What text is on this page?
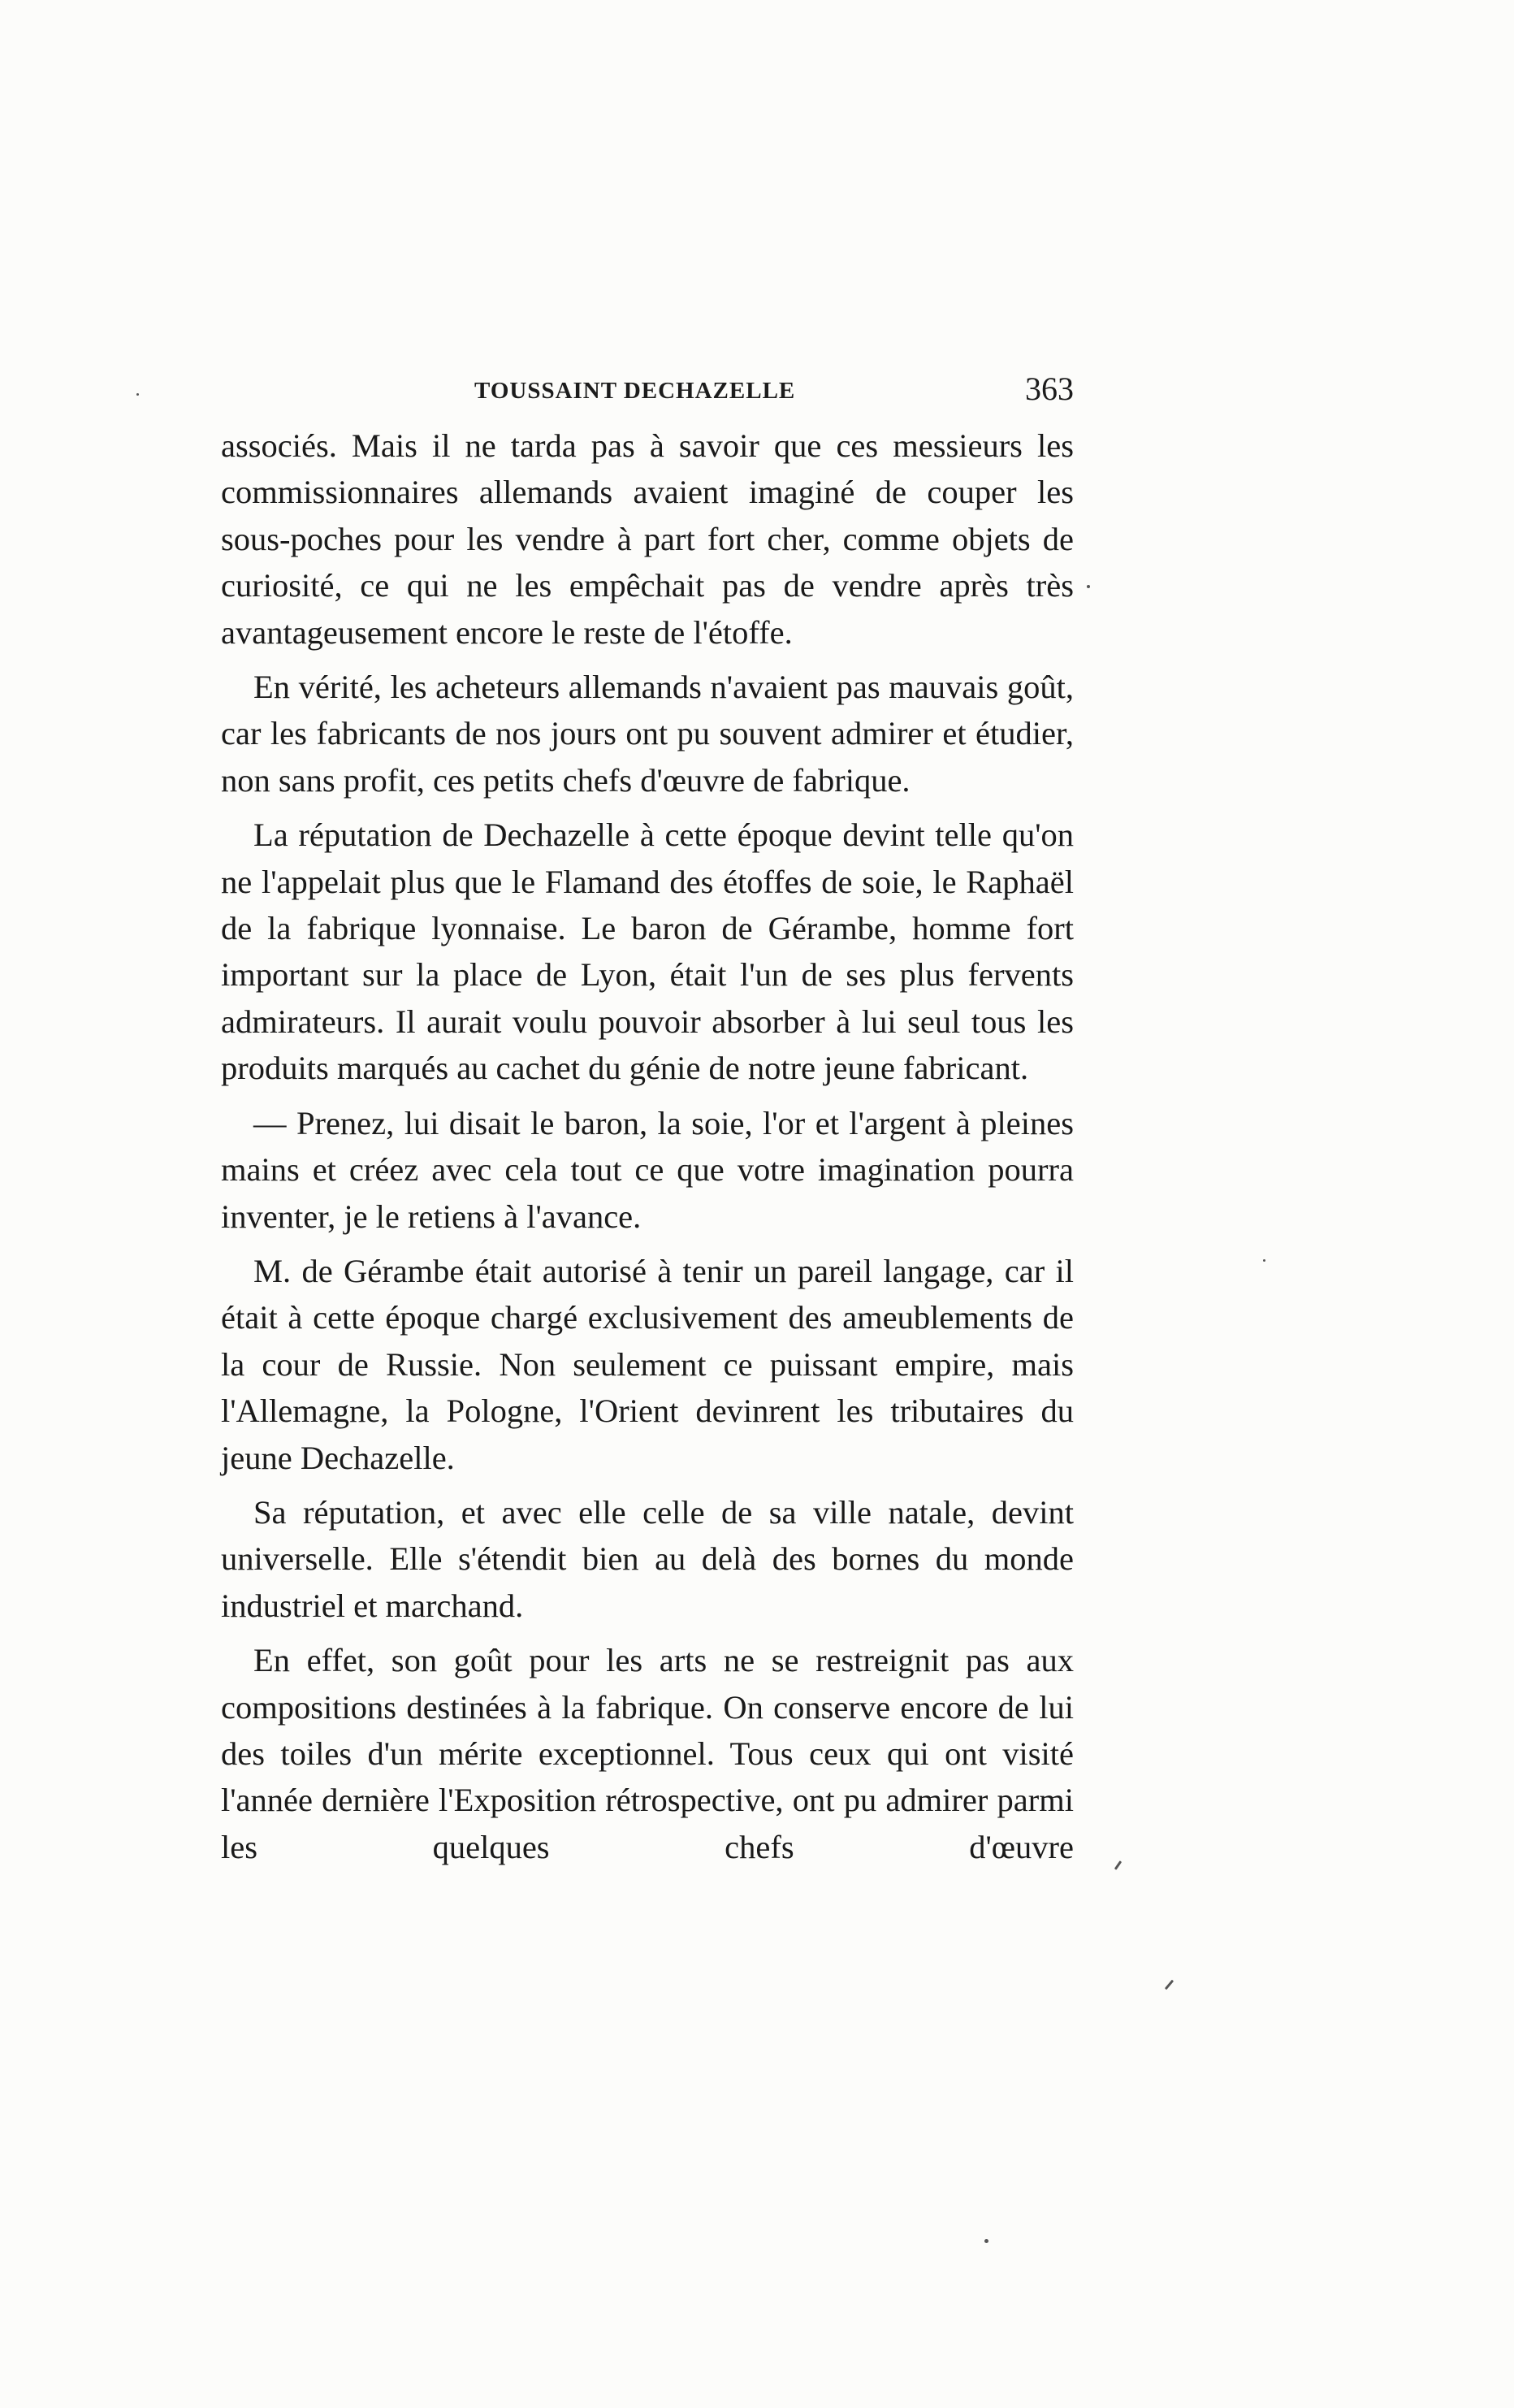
TOUSSAINT DECHAZELLE	363

associés. Mais il ne tarda pas à savoir que ces messieurs les commissionnaires allemands avaient imaginé de couper les sous-poches pour les vendre à part fort cher, comme objets de curiosité, ce qui ne les empêchait pas de vendre après très avantageusement encore le reste de l'étoffe.

En vérité, les acheteurs allemands n'avaient pas mauvais goût, car les fabricants de nos jours ont pu souvent admirer et étudier, non sans profit, ces petits chefs d'œuvre de fabrique.

La réputation de Dechazelle à cette époque devint telle qu'on ne l'appelait plus que le Flamand des étoffes de soie, le Raphaël de la fabrique lyonnaise. Le baron de Gérambe, homme fort important sur la place de Lyon, était l'un de ses plus fervents admirateurs. Il aurait voulu pouvoir absorber à lui seul tous les produits marqués au cachet du génie de notre jeune fabricant.

— Prenez, lui disait le baron, la soie, l'or et l'argent à pleines mains et créez avec cela tout ce que votre imagination pourra inventer, je le retiens à l'avance.

M. de Gérambe était autorisé à tenir un pareil langage, car il était à cette époque chargé exclusivement des ameublements de la cour de Russie. Non seulement ce puissant empire, mais l'Allemagne, la Pologne, l'Orient devinrent les tributaires du jeune Dechazelle.

Sa réputation, et avec elle celle de sa ville natale, devint universelle. Elle s'étendit bien au delà des bornes du monde industriel et marchand.

En effet, son goût pour les arts ne se restreignit pas aux compositions destinées à la fabrique. On conserve encore de lui des toiles d'un mérite exceptionnel. Tous ceux qui ont visité l'année dernière l'Exposition rétrospective, ont pu admirer parmi les quelques chefs d'œuvre
